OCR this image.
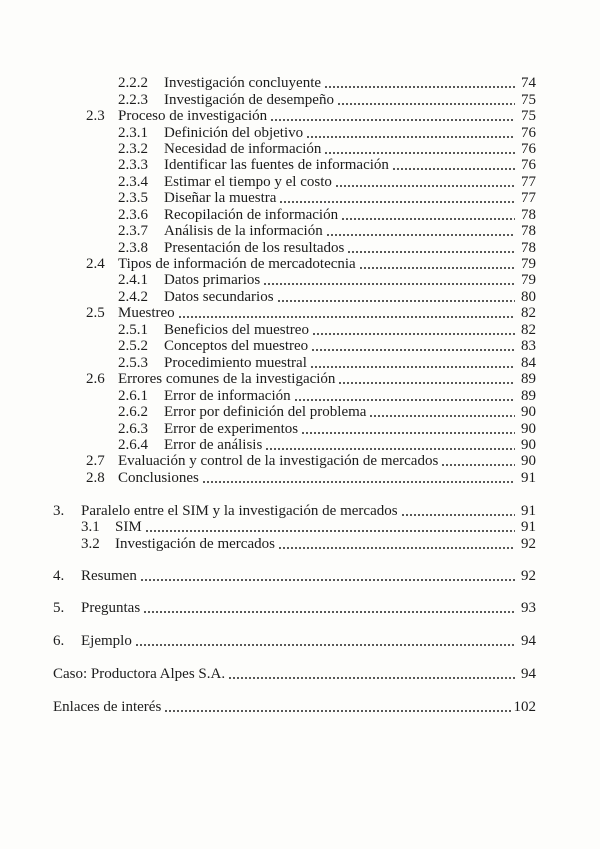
2.2.2	Investigación concluyente	74
2.2.3	Investigación de desempeño	75
2.3 Proceso de investigación	75
2.3.1	Definición del objetivo	76
2.3.2	Necesidad de información	76
2.3.3	Identificar las fuentes de información	76
2.3.4	Estimar el tiempo y el costo	77
2.3.5	Diseñar la muestra	77
2.3.6	Recopilación de información	78
2.3.7	Análisis de la información	78
2.3.8	Presentación de los resultados	78
2.4 Tipos de información de mercadotecnia	79
2.4.1	Datos primarios	79
2.4.2	Datos secundarios	80
2.5 Muestreo	82
2.5.1	Beneficios del muestreo	82
2.5.2	Conceptos del muestreo	83
2.5.3	Procedimiento muestral	84
2.6 Errores comunes de la investigación	89
2.6.1	Error de información	89
2.6.2	Error por definición del problema	90
2.6.3	Error de experimentos	90
2.6.4	Error de análisis	90
2.7 Evaluación y control de la investigación de mercados	90
2.8 Conclusiones	91
3.	Paralelo entre el SIM y la investigación de mercados	91
3.1	SIM	91
3.2	Investigación de mercados	92
4.	Resumen	92
5.	Preguntas	93
6.	Ejemplo	94
Caso: Productora Alpes S.A.	94
Enlaces de interés	102
